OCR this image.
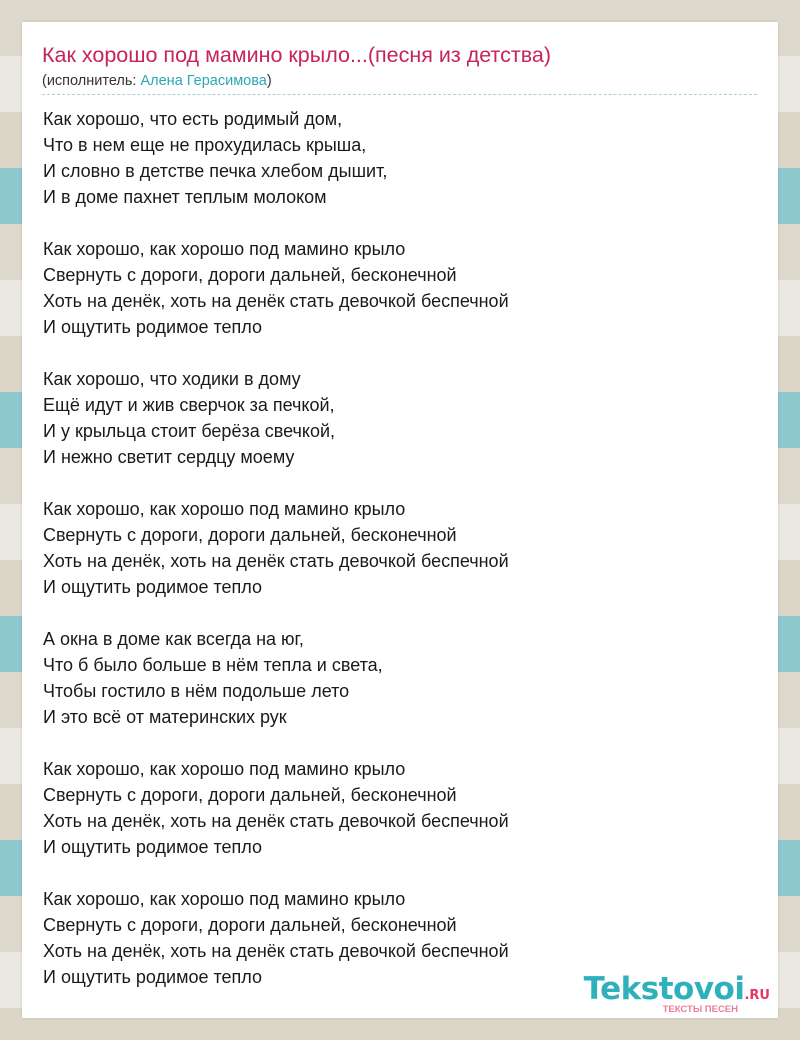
Как хорошо под мамино крыло...(песня из детства)
(исполнитель: Алена Герасимова)
Как хорошо, что есть родимый дом,
Что в нем еще не прохудилась крыша,
И словно в детстве печка хлебом дышит,
И в доме пахнет теплым молоком
Как хорошо, как хорошо под мамино крыло
Свернуть с дороги, дороги дальней, бесконечной
Хоть на денёк, хоть на денёк стать девочкой беспечной
И ощутить родимое тепло
Как хорошо, что ходики в дому
Ещё идут и жив сверчок за печкой,
И у крыльца стоит берёза свечкой,
И нежно светит сердцу моему
Как хорошо, как хорошо под мамино крыло
Свернуть с дороги, дороги дальней, бесконечной
Хоть на денёк, хоть на денёк стать девочкой беспечной
И ощутить родимое тепло
А окна в доме как всегда на юг,
Что б было больше в нём тепла и света,
Чтобы гостило в нём подольше лето
И это всё от материнских рук
Как хорошо, как хорошо под мамино крыло
Свернуть с дороги, дороги дальней, бесконечной
Хоть на денёк, хоть на денёк стать девочкой беспечной
И ощутить родимое тепло
Как хорошо, как хорошо под мамино крыло
Свернуть с дороги, дороги дальней, бесконечной
Хоть на денёк, хоть на денёк стать девочкой беспечной
И ощутить родимое тепло	Tekstovoi.RU
ТЕКСТЫ ПЕСЕН
